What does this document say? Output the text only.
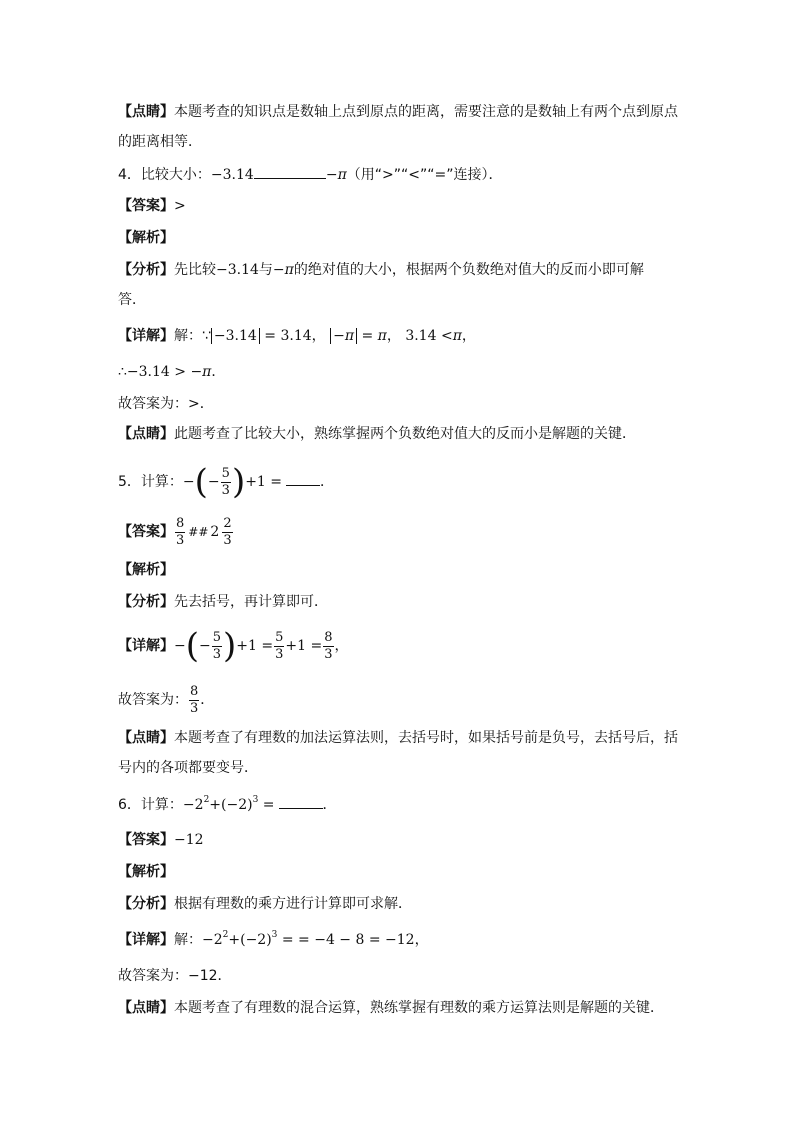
【点睛】本题考查的知识点是数轴上点到原点的距离，需要注意的是数轴上有两个点到原点
的距离相等．
4．比较大小：−3.14	−π（用“>”“<”“=”连接）．
【答案】>
【解析】
【分析】先比较−3.14与−π的绝对值的大小，根据两个负数绝对值大的反而小即可解
答．
【详解】解：∵ −3.14 = 3.14， −π = π， 3.14 <π，
∴−3.14 > −π．
故答案为：>．
【点睛】此题考查了比较大小，熟练掌握两个负数绝对值大的反而小是解题的关键．
5．计算：−(− $\frac{5}{3} )+1$ =	．
【答案】 $\frac{8}{3}$ ## $2 \frac{2}{3}$
【解析】
【分析】先去括号，再计算即可．
【详解】−(− $\frac{5}{3} )+1 = \frac{5}{3} +1 = \frac{8}{3}$ ，
故答案为： $\frac{8}{3}$ ．
【点睛】本题考查了有理数的加法运算法则，去括号时，如果括号前是负号，去括号后，括
号内的各项都要变号．
6．计算：$-2^2+(-2)^3$ =	．
【答案】−12
【解析】
【分析】根据有理数的乘方进行计算即可求解．
【详解】解：$-2^2+(-2)^3$ = = −4 − 8 = −12，
故答案为：−12．
【点睛】本题考查了有理数的混合运算，熟练掌握有理数的乘方运算法则是解题的关键．
